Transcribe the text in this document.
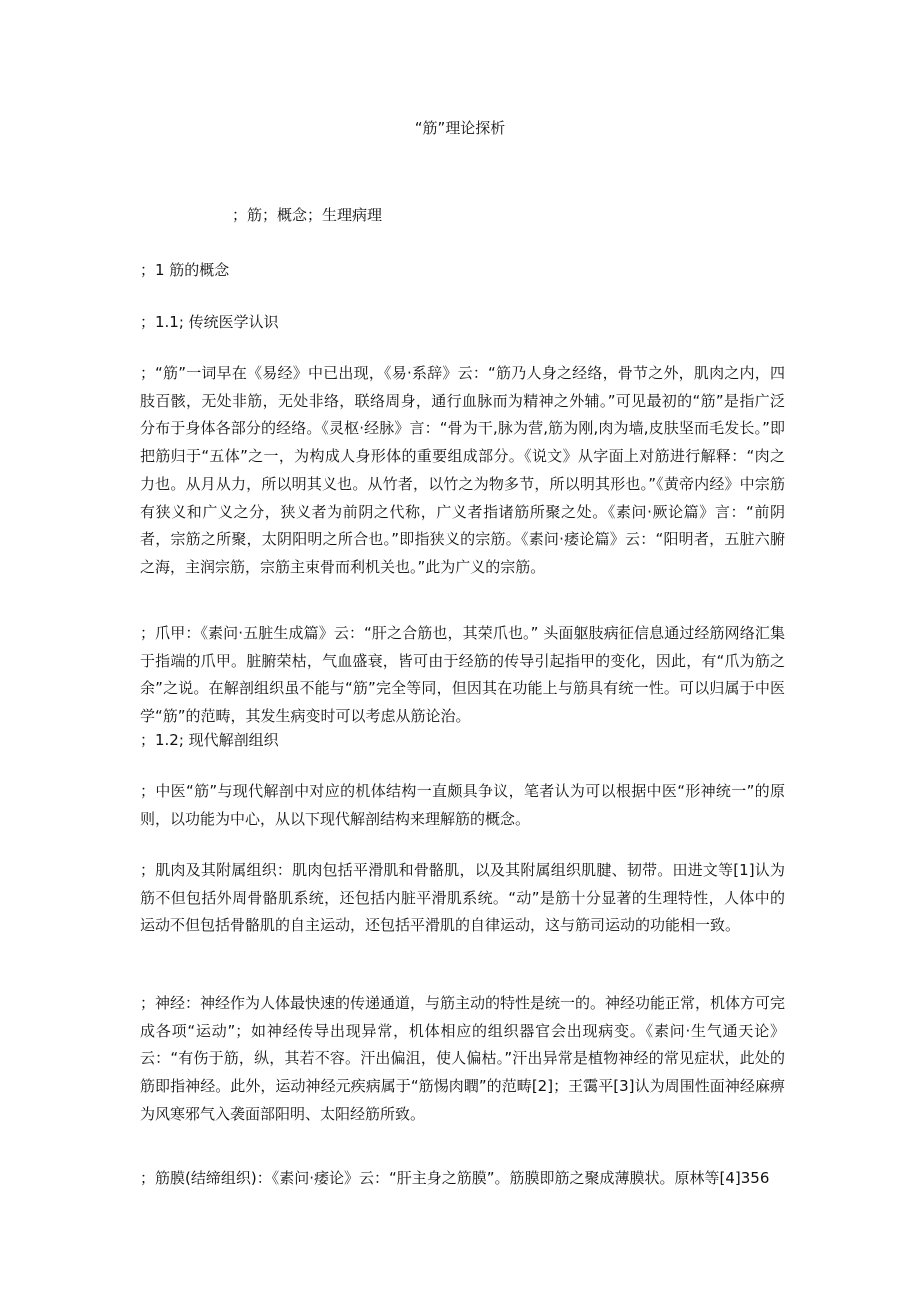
“筋”理论探析
；筋；概念；生理病理
；1 筋的概念
；1.1; 传统医学认识
；“筋”一词早在《易经》中已出现，《易·系辞》云：“筋乃人身之经络，骨节之外，肌肉之内，四肢百骸，无处非筋，无处非络，联络周身，通行血脉而为精神之外辅。”可见最初的“筋”是指广泛分布于身体各部分的经络。《灵枢·经脉》言：“骨为干,脉为营,筋为刚,肉为墙,皮肤坚而毛发长。”即把筋归于“五体”之一，为构成人身形体的重要组成部分。《说文》从字面上对筋进行解释：“肉之力也。从月从力，所以明其义也。从竹者，以竹之为物多节，所以明其形也。”《黄帝内经》中宗筋有狭义和广义之分，狭义者为前阴之代称，广义者指诸筋所聚之处。《素问·厥论篇》言：“前阴者，宗筋之所聚，太阴阳明之所合也。”即指狭义的宗筋。《素问·痿论篇》云：“阳明者，五脏六腑之海，主润宗筋，宗筋主束骨而利机关也。”此为广义的宗筋。
；爪甲：《素问·五脏生成篇》云：“肝之合筋也，其荣爪也。” 头面躯肢病征信息通过经筋网络汇集于指端的爪甲。脏腑荣枯，气血盛衰，皆可由于经筋的传导引起指甲的变化，因此，有“爪为筋之余”之说。在解剖组织虽不能与“筋”完全等同，但因其在功能上与筋具有统一性。可以归属于中医学“筋”的范畴，其发生病变时可以考虑从筋论治。
；1.2; 现代解剖组织
；中医“筋”与现代解剖中对应的机体结构一直颇具争议，笔者认为可以根据中医“形神统一”的原则，以功能为中心，从以下现代解剖结构来理解筋的概念。
；肌肉及其附属组织：肌肉包括平滑肌和骨骼肌，以及其附属组织肌腱、韧带。田进文等[1]认为筋不但包括外周骨骼肌系统，还包括内脏平滑肌系统。“动”是筋十分显著的生理特性，人体中的运动不但包括骨骼肌的自主运动，还包括平滑肌的自律运动，这与筋司运动的功能相一致。
；神经：神经作为人体最快速的传递通道，与筋主动的特性是统一的。神经功能正常，机体方可完成各项“运动”；如神经传导出现异常，机体相应的组织器官会出现病变。《素问·生气通天论》云：“有伤于筋，纵，其若不容。汗出偏沮，使人偏枯。”汗出异常是植物神经的常见症状，此处的筋即指神经。此外，运动神经元疾病属于“筋惕肉瞤”的范畴[2]；王霭平[3]认为周围性面神经麻痹为风寒邪气入袭面部阳明、太阳经筋所致。
；筋膜(结缔组织)：《素问·痿论》云：“肝主身之筋膜”。筋膜即筋之聚成薄膜状。原林等[4]356
